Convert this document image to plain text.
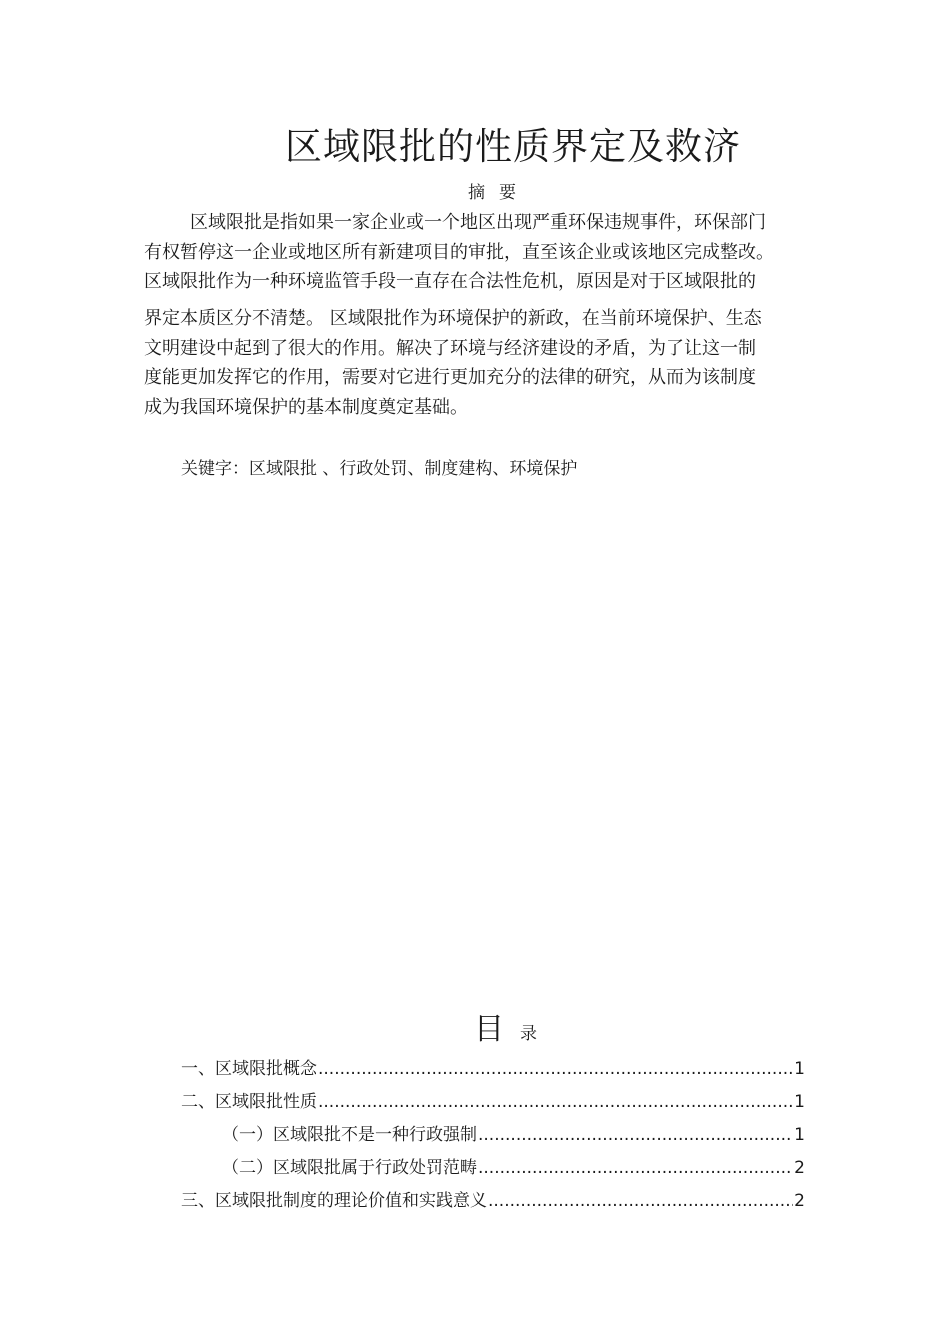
区域限批的性质界定及救济
摘要
区域限批是指如果一家企业或一个地区出现严重环保违规事件，环保部门
有权暂停这一企业或地区所有新建项目的审批，直至该企业或该地区完成整改。
区域限批作为一种环境监管手段一直存在合法性危机，原因是对于区域限批的
界定本质区分不清楚。 区域限批作为环境保护的新政，在当前环境保护、生态
文明建设中起到了很大的作用。解决了环境与经济建设的矛盾，为了让这一制
度能更加发挥它的作用，需要对它进行更加充分的法律的研究，从而为该制度
成为我国环境保护的基本制度奠定基础。
关键字：区域限批 、行政处罚、制度建构、环境保护
目录
一、区域限批概念 .....	1
二、区域限批性质 .....	1
（一）区域限批不是一种行政强制 .....	1
（二）区域限批属于行政处罚范畴 .....	2
三、区域限批制度的理论价值和实践意义 .....	2
